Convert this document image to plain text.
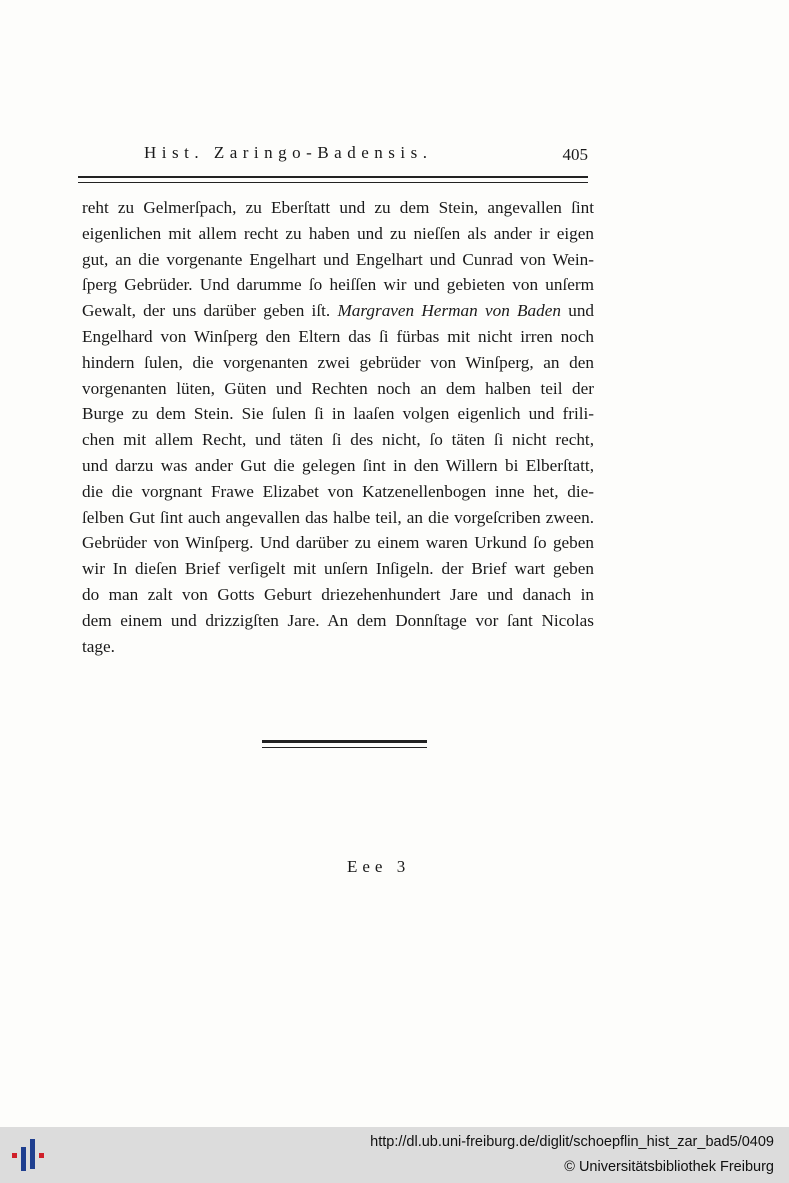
Hist. Zaringo-Badensis.	405
reht zu Gelmerſpach, zu Eberſtatt und zu dem Stein, angevallen ſint
eigenlichen mit allem recht zu haben und zu nieſſen als ander ir eigen
gut, an die vorgenante Engelhart und Engelhart und Cunrad von Wein-
ſperg Gebrüder. Und darumme ſo heiſſen wir und gebieten von unſerm
Gewalt, der uns darüber geben iſt. Margraven Herman von Baden und
Engelhard von Winſperg den Eltern das ſi fürbas mit nicht irren noch
hindern ſulen, die vorgenanten zwei gebrüder von Winſperg, an den
vorgenanten lüten, Güten und Rechten noch an dem halben teil der
Burge zu dem Stein. Sie ſulen ſi in laaſen volgen eigenlich und frili-
chen mit allem Recht, und täten ſi des nicht, ſo täten ſi nicht recht,
und darzu was ander Gut die gelegen ſint in den Willern bi Elberſtatt,
die die vorgnant Frawe Elizabet von Katzenellenbogen inne het, die-
ſelben Gut ſint auch angevallen das halbe teil, an die vorgeſcriben zween.
Gebrüder von Winſperg. Und darüber zu einem waren Urkund ſo geben
wir In dieſen Brief verſigelt mit unſern Inſigeln. der Brief wart geben
do man zalt von Gotts Geburt driezehenhundert Jare und danach in
dem einem und drizzigſten Jare. An dem Donnſtage vor ſant Nicolas
tage.
Eee 3
http://dl.ub.uni-freiburg.de/diglit/schoepflin_hist_zar_bad5/0409
© Universitätsbibliothek Freiburg
